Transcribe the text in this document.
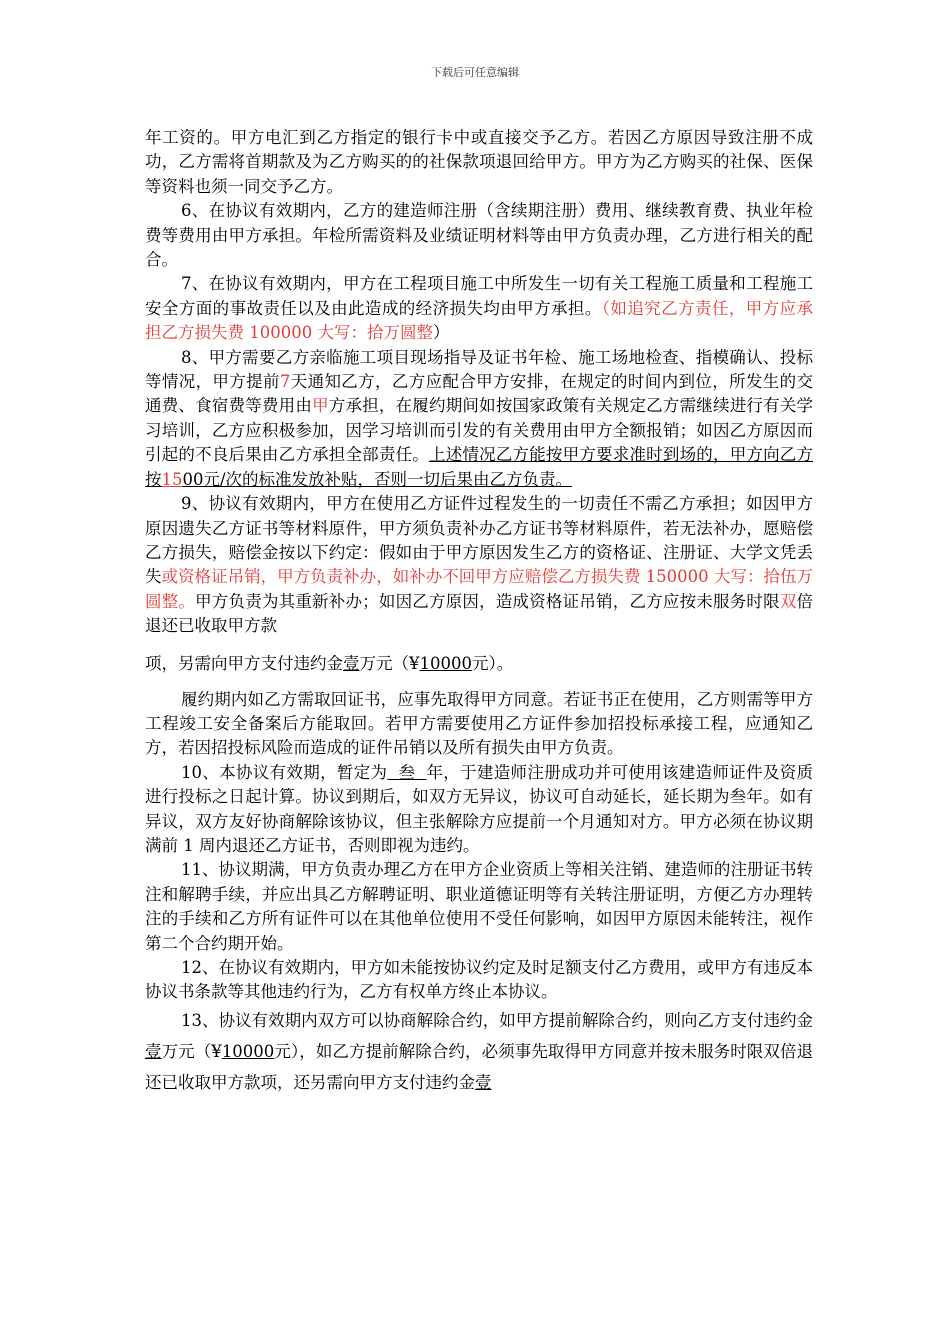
下载后可任意编辑

年工资的。甲方电汇到乙方指定的银行卡中或直接交予乙方。若因乙方原因导致注册不成功，乙方需将首期款及为乙方购买的的社保款项退回给甲方。甲方为乙方购买的社保、医保等资料也须一同交予乙方。

6、在协议有效期内，乙方的建造师注册（含续期注册）费用、继续教育费、执业年检费等费用由甲方承担。年检所需资料及业绩证明材料等由甲方负责办理，乙方进行相关的配合。

7、在协议有效期内，甲方在工程项目施工中所发生一切有关工程施工质量和工程施工安全方面的事故责任以及由此造成的经济损失均由甲方承担。（如追究乙方责任，甲方应承担乙方损失费 100000 大写：拾万圆整）

8、甲方需要乙方亲临施工项目现场指导及证书年检、施工场地检查、指模确认、投标等情况，甲方提前7天通知乙方，乙方应配合甲方安排，在规定的时间内到位，所发生的交通费、食宿费等费用由甲方承担，在履约期间如按国家政策有关规定乙方需继续进行有关学习培训，乙方应积极参加，因学习培训而引发的有关费用由甲方全额报销；如因乙方原因而引起的不良后果由乙方承担全部责任。上述情况乙方能按甲方要求准时到场的，甲方向乙方按1500元/次的标准发放补贴，否则一切后果由乙方负责。

9、协议有效期内，甲方在使用乙方证件过程发生的一切责任不需乙方承担；如因甲方原因遗失乙方证书等材料原件，甲方须负责补办乙方证书等材料原件，若无法补办，愿赔偿乙方损失，赔偿金按以下约定：假如由于甲方原因发生乙方的资格证、注册证、大学文凭丢失或资格证吊销，甲方负责补办，如补办不回甲方应赔偿乙方损失费 150000 大写：拾伍万圆整。甲方负责为其重新补办；如因乙方原因，造成资格证吊销，乙方应按未服务时限双倍退还已收取甲方款

项，另需向甲方支付违约金壹万元（¥10000元）。

履约期内如乙方需取回证书，应事先取得甲方同意。若证书正在使用，乙方则需等甲方工程竣工安全备案后方能取回。若甲方需要使用乙方证件参加招投标承接工程，应通知乙方，若因招投标风险而造成的证件吊销以及所有损失由甲方负责。

10、本协议有效期，暂定为  叁  年，于建造师注册成功并可使用该建造师证件及资质进行投标之日起计算。协议到期后，如双方无异议，协议可自动延长，延长期为叁年。如有异议，双方友好协商解除该协议，但主张解除方应提前一个月通知对方。甲方必须在协议期满前 1 周内退还乙方证书，否则即视为违约。

11、协议期满，甲方负责办理乙方在甲方企业资质上等相关注销、建造师的注册证书转注和解聘手续，并应出具乙方解聘证明、职业道德证明等有关转注册证明，方便乙方办理转注的手续和乙方所有证件可以在其他单位使用不受任何影响，如因甲方原因未能转注，视作第二个合约期开始。

12、在协议有效期内，甲方如未能按协议约定及时足额支付乙方费用，或甲方有违反本协议书条款等其他违约行为，乙方有权单方终止本协议。

13、协议有效期内双方可以协商解除合约，如甲方提前解除合约，则向乙方支付违约金壹万元（¥10000元），如乙方提前解除合约，必须事先取得甲方同意并按未服务时限双倍退还已收取甲方款项，还另需向甲方支付违约金壹
